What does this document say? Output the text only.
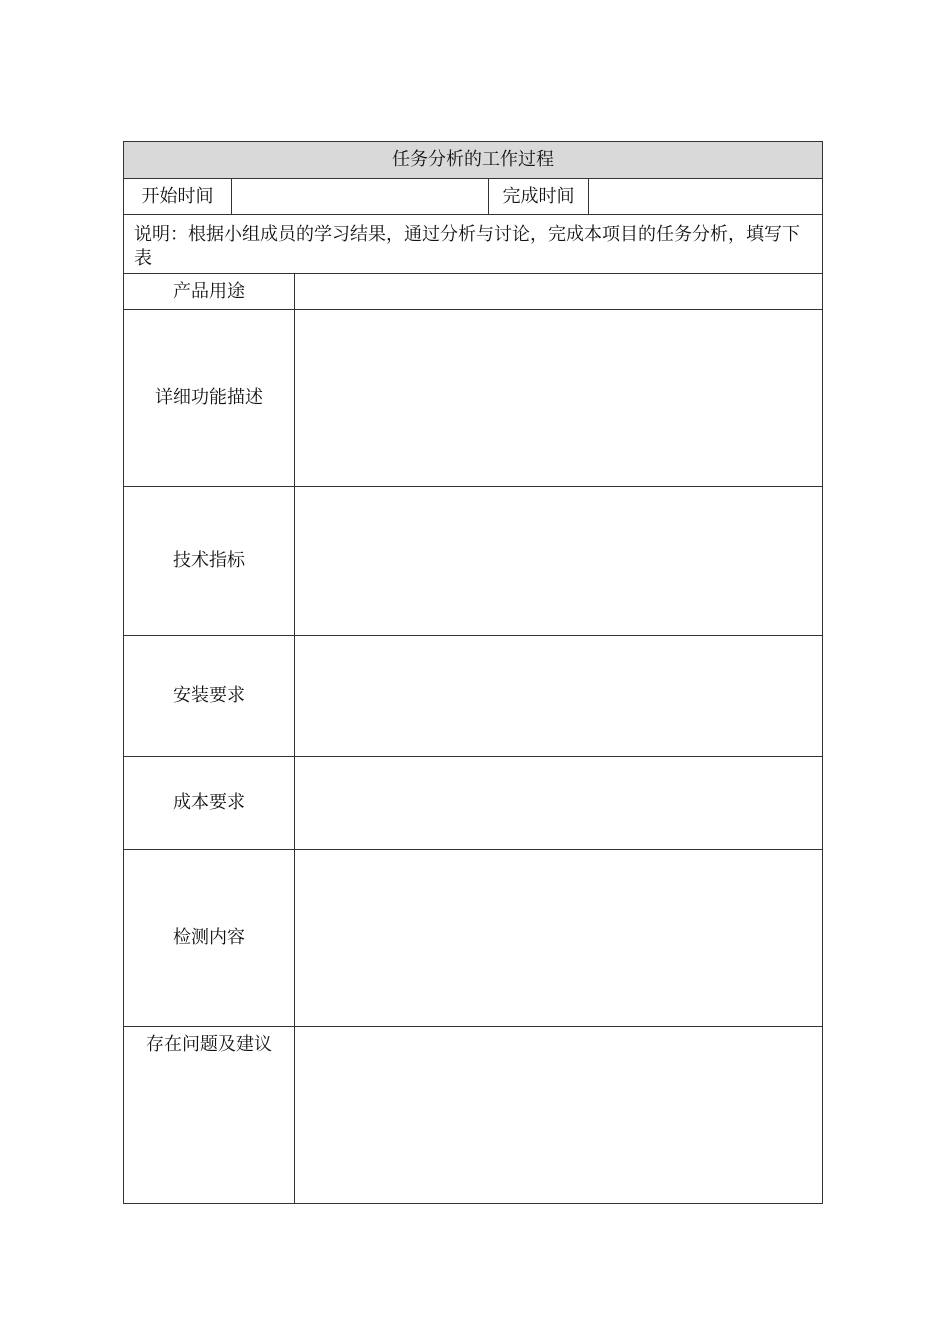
任务分析的工作过程
开始时间	完成时间
说明：根据小组成员的学习结果，通过分析与讨论，完成本项目的任务分析，填写下表
产品用途
详细功能描述
技术指标
安装要求
成本要求
检测内容
存在问题及建议
